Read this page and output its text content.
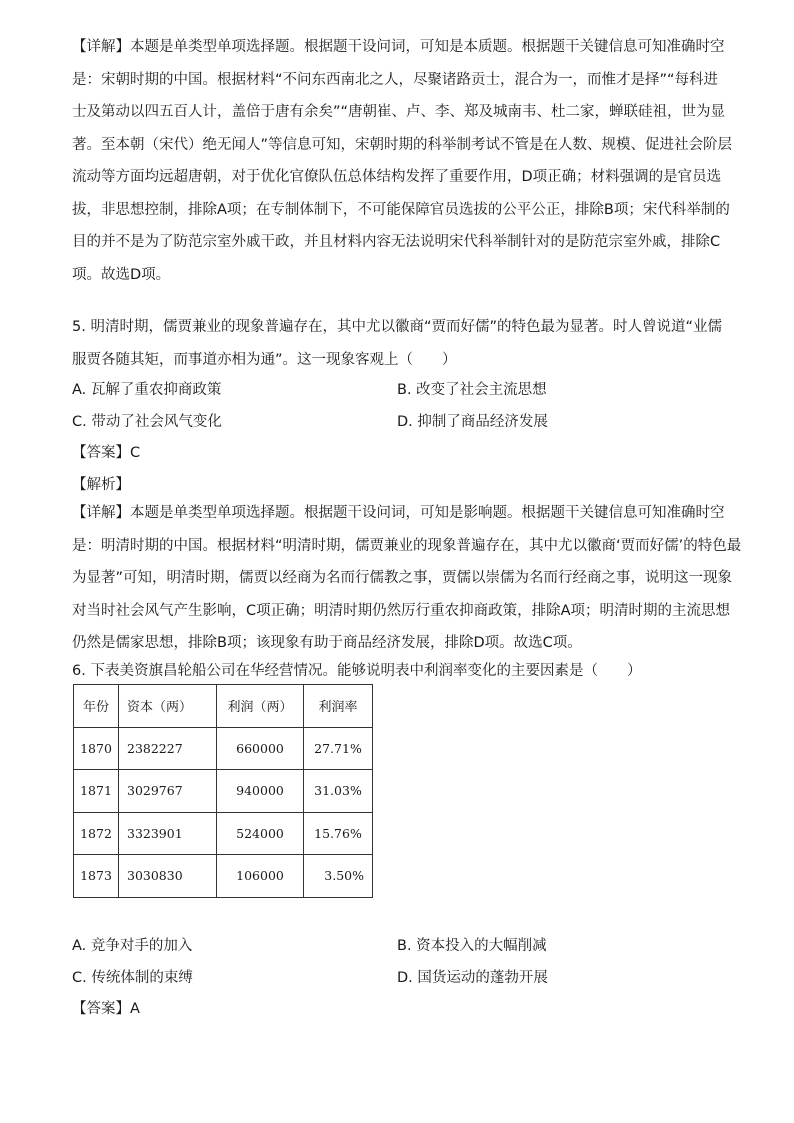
【详解】本题是单类型单项选择题。根据题干设问词，可知是本质题。根据题干关键信息可知准确时空
是：宋朝时期的中国。根据材料“不问东西南北之人，尽聚诸路贡士，混合为一，而惟才是择”“每科进
士及第动以四五百人计，盖倍于唐有余矣”“唐朝崔、卢、李、郑及城南韦、杜二家，蝉联硅祖，世为显
著。至本朝（宋代）绝无闻人”等信息可知，宋朝时期的科举制考试不管是在人数、规模、促进社会阶层
流动等方面均远超唐朝，对于优化官僚队伍总体结构发挥了重要作用，D项正确；材料强调的是官员选
拔，非思想控制，排除A项；在专制体制下，不可能保障官员选拔的公平公正，排除B项；宋代科举制的
目的并不是为了防范宗室外戚干政，并且材料内容无法说明宋代科举制针对的是防范宗室外戚，排除C
项。故选D项。
5. 明清时期，儒贾兼业的现象普遍存在，其中尤以徽商“贾而好儒”的特色最为显著。时人曾说道“业儒
服贾各随其矩，而事道亦相为通”。这一现象客观上（　　）
A. 瓦解了重农抑商政策	B. 改变了社会主流思想
C. 带动了社会风气变化	D. 抑制了商品经济发展
【答案】C
【解析】
【详解】本题是单类型单项选择题。根据题干设问词，可知是影响题。根据题干关键信息可知准确时空
是：明清时期的中国。根据材料“明清时期，儒贾兼业的现象普遍存在，其中尤以徽商‘贾而好儒’的特色最
为显著”可知，明清时期，儒贾以经商为名而行儒教之事，贾儒以崇儒为名而行经商之事，说明这一现象
对当时社会风气产生影响，C项正确；明清时期仍然厉行重农抑商政策，排除A项；明清时期的主流思想
仍然是儒家思想，排除B项；该现象有助于商品经济发展，排除D项。故选C项。
6. 下表美资旗昌轮船公司在华经营情况。能够说明表中利润率变化的主要因素是（　　）
年份	资本（两）	利润（两）	利润率
1870	2382227	660000	27.71%
1871	3029767	940000	31.03%
1872	3323901	524000	15.76%
1873	3030830	106000	3.50%
A. 竞争对手的加入	B. 资本投入的大幅削减
C. 传统体制的束缚	D. 国货运动的蓬勃开展
【答案】A
